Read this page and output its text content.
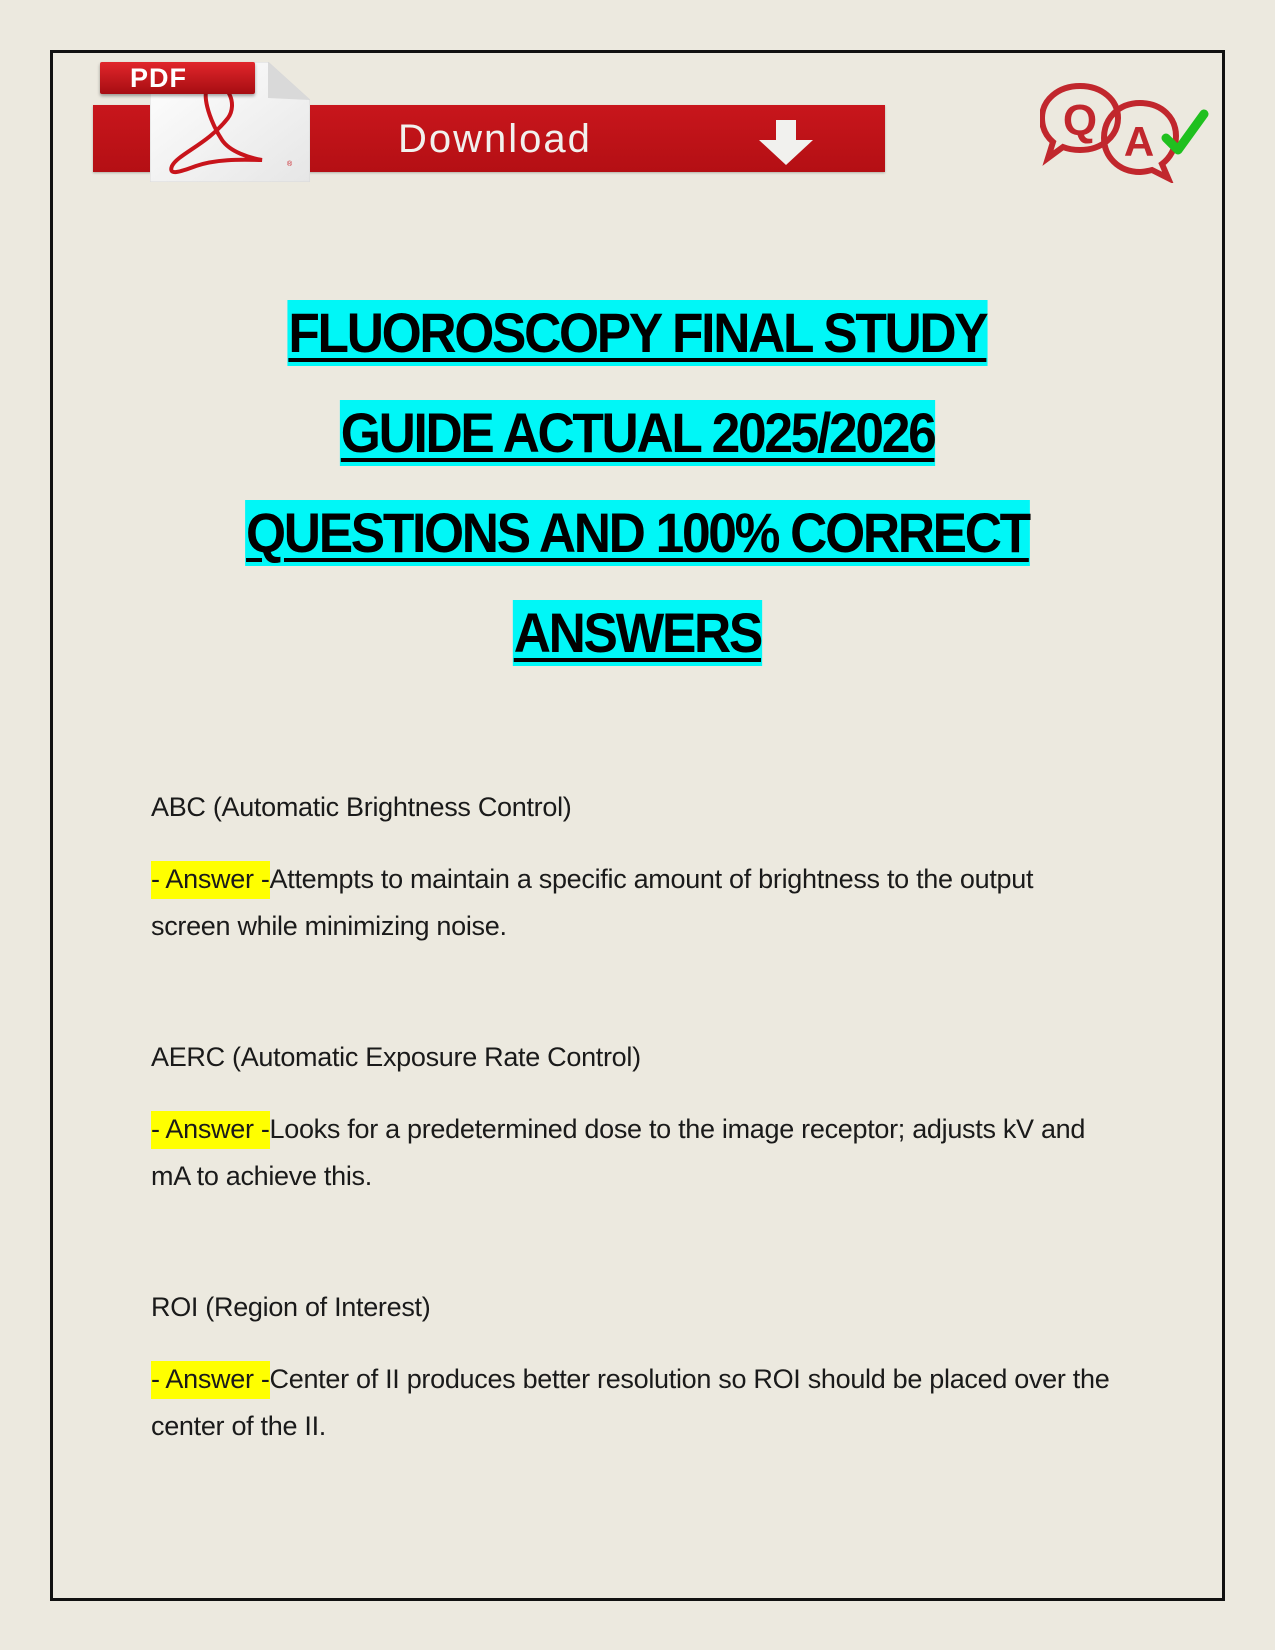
Download
®
PDF
Q A
FLUOROSCOPY FINAL STUDY
GUIDE ACTUAL 2025/2026
QUESTIONS AND 100% CORRECT
ANSWERS

ABC (Automatic Brightness Control)

- Answer -Attempts to maintain a specific amount of brightness to the output screen while minimizing noise.

AERC (Automatic Exposure Rate Control)

- Answer -Looks for a predetermined dose to the image receptor; adjusts kV and mA to achieve this.

ROI (Region of Interest)

- Answer -Center of II produces better resolution so ROI should be placed over the center of the II.
